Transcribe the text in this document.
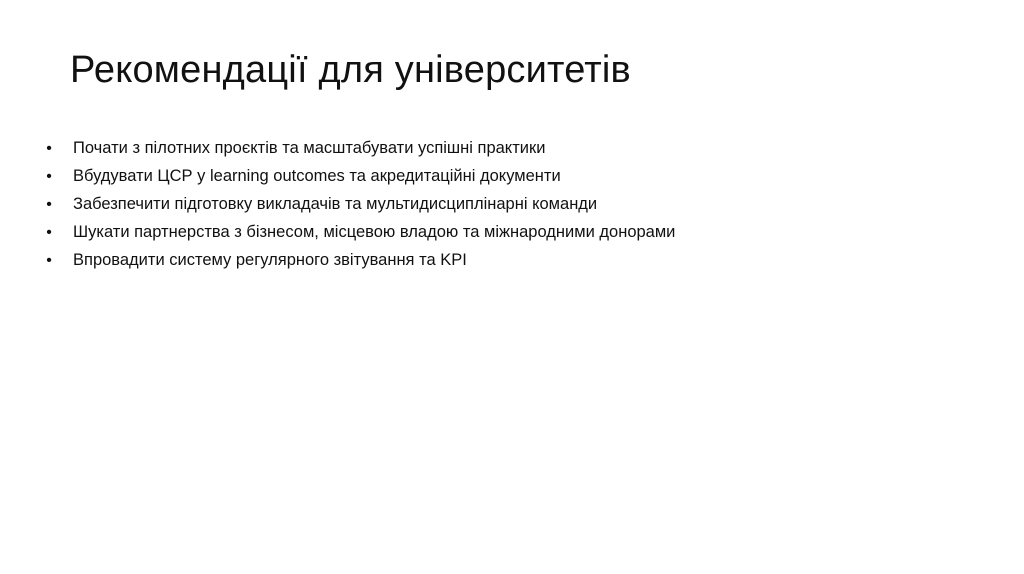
Рекомендації для університетів
• Почати з пілотних проєктів та масштабувати успішні практики
• Вбудувати ЦСР у learning outcomes та акредитаційні документи
• Забезпечити підготовку викладачів та мультидисциплінарні команди
• Шукати партнерства з бізнесом, місцевою владою та міжнародними донорами
• Впровадити систему регулярного звітування та KPI
